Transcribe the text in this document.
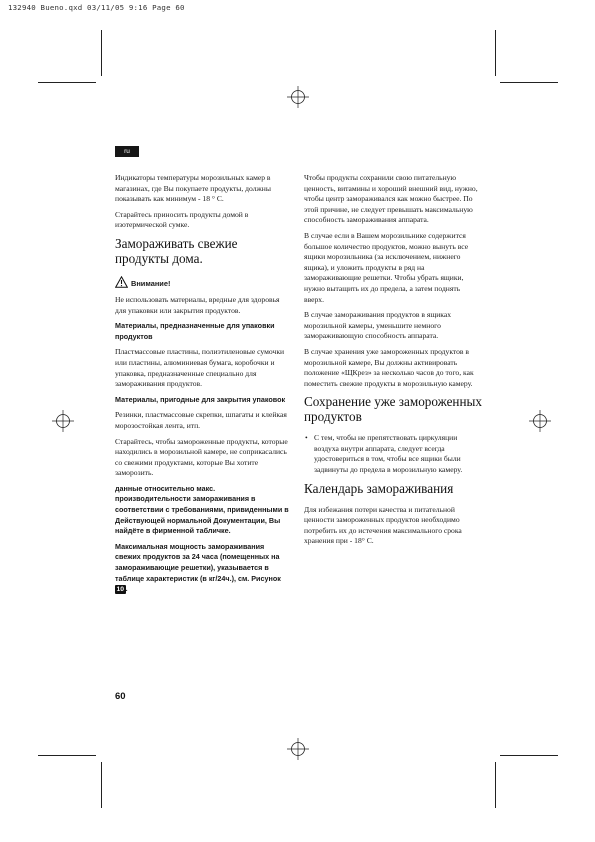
132940 Bueno.qxd 03/11/05 9:16 Page 60
ru

Индикаторы температуры морозильных камер в магазинах, где Вы покупаете продукты, должны показывать как минимум - 18 ° С.

Старайтесь приносить продукты домой в изотермической сумке.

Замораживать свежие продукты дома.
Внимание!

Не использовать материалы, вредные для здоровья для упаковки или закрытия продуктов.

Материалы, предназначенные для упаковки продуктов

Пластмассовые пластины, полиэтиленовые сумочки или пластины, алюминиевая бумага, коробочки и упаковка, предназначенные специально для замораживания продуктов.

Материалы, пригодные для закрытия упаковок

Резинки, пластмассовые скрепки, шпагаты и клейкая морозостойкая лента, итп.

Старайтесь, чтобы замороженные продукты, которые находились в морозильной камере, не соприкасались со свежими продуктами, которые Вы хотите заморозить.

данные относительно макс. производительности замораживания в соответствии с требованиями, привиденными в Действующей нормальной Документации, Вы найдёте в фирменной табличке.

Максимальная мощность замораживания свежих продуктов за 24 часа (помещенных на замораживающие решетки), указывается в таблице характеристик (в кг/24ч.), см. Рисунок 10 .

Чтобы продукты сохранили свою питательную ценность, витамины и хороший внешний вид, нужно, чтобы центр замораживался как можно быстрее. По этой причине, не следует превышать максимальную способность замораживания аппарата.

В случае если в Вашем морозильнике содержится большое количество продуктов, можно вынуть все ящики морозильника (за исключением, нижнего ящика), и уложить продукты в ряд на замораживающие решетки. Чтобы убрать ящики, нужно вытащить их до предела, а затем поднять вверх.

В случае замораживания продуктов в ящиках морозильной камеры, уменьшите немного замораживающую способность аппарата.

В случае хранения уже замороженных продуктов в морозильной камере, Вы должны активировать положение «ЩКрез» за несколько часов до того, как поместить свежие продукты в морозильную камеру.

Сохранение уже замороженных продуктов
• С тем, чтобы не препятствовать циркуляции воздуха внутри аппарата, следует всегда удостовериться в том, чтобы все ящики были задвинуты до предела в морозильную камеру.
Календарь замораживания

Для избежания потери качества и питательной ценности замороженных продуктов необходимо потребить их до истечения максимального срока хранения при - 18° С.

60
